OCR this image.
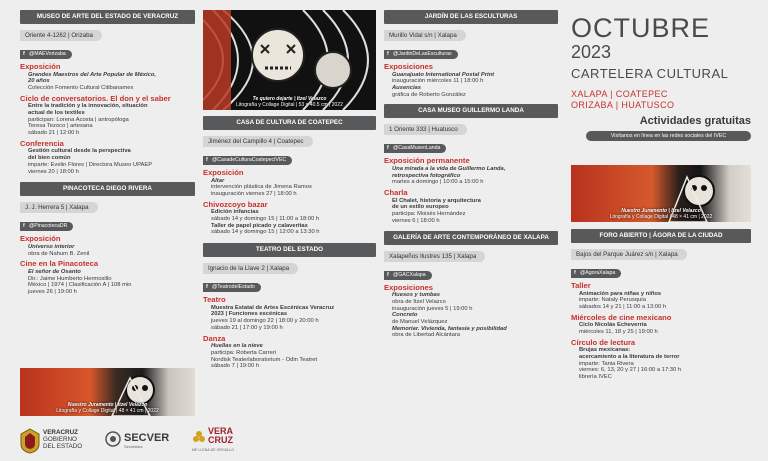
MUSEO DE ARTE DEL ESTADO DE VERACRUZ
Oriente 4-1262 | Orizaba
f @MAEVorizaba
Exposición
Grandes Maestros del Arte Popular de México,
20 años
Colección Fomento Cultural Citibanamex
Ciclo de conversatorios. El don y el saber
Entre la tradición y la innovación, situación
actual de los textiles
participan: Lorena Acosta | antropóloga
Teresa Tezoco | artesana
sábado 21 | 12:00 h
Conferencia
Gestión cultural desde la perspectiva
del bien común
imparte: Evelin Flores | Directora Museo UPAEP
viernes 20 | 18:00 h
PINACOTECA DIEGO RIVERA
J. J. Herrera 5 | Xalapa
f @PinacotecaDR
Exposición
Universo interior
obra de Nahum B. Zenil
Cine en la Pinacoteca
El señor de Osanto
Dir.: Jaime Humberto Hermosillo
México | 1974 | Clasificación A | 108 min
jueves 26 | 19:00 h
Nuestro Juramento | Itzel Velazco
Litografía y Collage Digital | 48 × 41 cm | 2022
Te quiero dejarte | Itzel Velazco
Litografía y Collage Digital | 53 × 40.5 cm | 2022
CASA DE CULTURA DE COATEPEC
Jiménez del Campillo 4 | Coatepec
f @CasadeCulturaCoatepecIVEC
Exposición
Altar
intervención plástica de Jimena Ramos
inauguración viernes 27 | 18:00 h
Chivozcoyo bazar
Edición infancias
sábado 14 y domingo 15 | 11:00 a 18:00 h
Taller de papel picado y calaveritas
sábado 14 y domingo 15 | 12:00 a 13:30 h
TEATRO DEL ESTADO
Ignacio de la Llave 2 | Xalapa
f @TeatrodelEstado
Teatro
Muestra Estatal de Artes Escénicas Veracruz
2023 | Funciones escénicas
jueves 19 al domingo 22 | 18:00 y 20:00 h
sábado 21 | 17:00 y 19:00 h
Danza
Huellas en la nieve
participa: Roberta Carreri
Nordisk Teaterlaboratorium - Odin Teatret
sábado 7 | 19:00 h
JARDÍN DE LAS ESCULTURAS
Murillo Vidal s/n | Xalapa
f @JardinDeLasEsculturas
Exposiciones
Guanajuato International Postal Print
inauguración miércoles 11 | 18:00 h
Ausencias
gráfica de Roberto González
CASA MUSEO GUILLERMO LANDA
1 Oriente 333 | Huatusco
f @CasaMuseoLanda
Exposición permanente
Una mirada a la vida de Guillermo Landa,
retrospectiva fotográfico
martes a domingo | 10:00 a 15:00 h
Charla
El Chalet, historia y arquitectura
de un estilo europeo
participa: Moisés Hernández
viernes 6 | 18:00 h
GALERÍA DE ARTE CONTEMPORÁNEO DE XALAPA
Xalapeños Ilustres 135 | Xalapa
f @GACXalapa
Exposiciones
Huesos y tumbas
obra de Itzel Velazco
inauguración jueves 5 | 19:00 h
Concreto
de Manuel Velázquez
Memoriar. Vivienda, fantasía y posibilidad
obra de Libertad Alcántara
OCTUBRE
2023
CARTELERA CULTURAL
XALAPA | COATEPEC
ORIZABA | HUATUSCO
Actividades gratuitas
Visítanos en línea en las redes sociales del IVEC
Nuestro Juramento | Itzel Velazco
Litografía y Collage Digital | 48 × 41 cm | 2022
FORO ABIERTO | ÁGORA DE LA CIUDAD
Bajos del Parque Juárez s/n | Xalapa
f @AgoraXalapa
Taller
Animación para niñas y niños
imparte: Nataly Perusquía
sábados 14 y 21 | 11:00 a 13:00 h
Miércoles de cine mexicano
Ciclo Nicolás Echeverría
miércoles 11, 18 y 25 | 19:00 h
Círculo de lectura
Brujas mexicanas:
acercamiento a la literatura de terror
imparte: Tania Rivera
viernes: 6, 13, 20 y 27 | 16:00 a 17:30 h
librería IVEC
VERACRUZ
GOBIERNO
DEL ESTADO
SECVER
Secretaría
VERA
CRUZ
ME LLENA DE ORGULLO
